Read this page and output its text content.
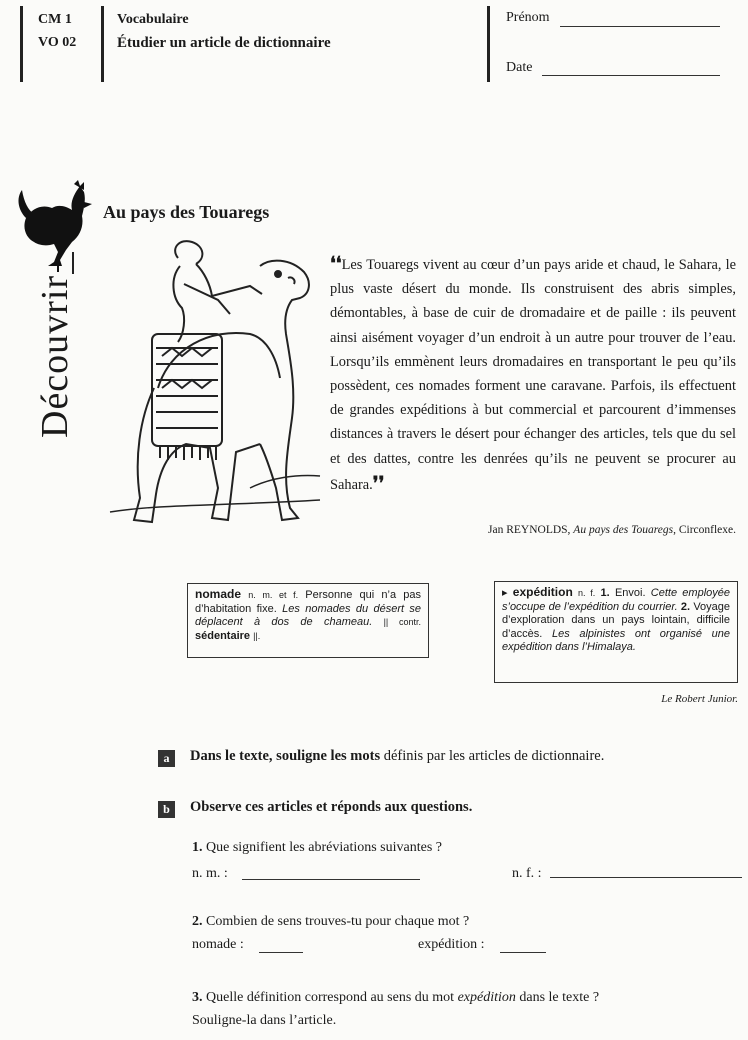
CM 1
VO 02
Vocabulaire
Étudier un article de dictionnaire
Prénom
Date
Découvrir
Au pays des Touaregs

❛❛Les Touaregs vivent au cœur d’un pays aride et chaud, le Sahara, le plus vaste désert du monde. Ils construisent des abris simples, démontables, à base de cuir de dromadaire et de paille : ils peuvent ainsi aisément voyager d’un endroit à un autre pour trouver de l’eau. Lorsqu’ils emmènent leurs dromadaires en transportant le peu qu’ils possèdent, ces nomades forment une caravane. Parfois, ils effectuent de grandes expéditions à but commercial et parcourent d’immenses distances à travers le désert pour échanger des articles, tels que du sel et des dattes, contre les denrées qu’ils ne peuvent se procurer au Sahara.❜❜

Jan REYNOLDS, Au pays des Touaregs, Circonflexe.
nomade n. m. et f. Personne qui n’a pas d’habitation fixe. Les nomades du désert se déplacent à dos de chameau. || contr. sédentaire ||.
▸ expédition n. f. 1. Envoi. Cette employée s’occupe de l’expédition du courrier. 2. Voyage d’exploration dans un pays lointain, difficile d’accès. Les alpinistes ont organisé une expédition dans l’Himalaya.
Le Robert Junior.
a	Dans le texte, souligne les mots définis par les articles de dictionnaire.
b	Observe ces articles et réponds aux questions.
1. Que signifient les abréviations suivantes ?
n. m. :	n. f. :
2. Combien de sens trouves-tu pour chaque mot ?
nomade :	expédition :
3. Quelle définition correspond au sens du mot expédition dans le texte ?
Souligne-la dans l’article.
